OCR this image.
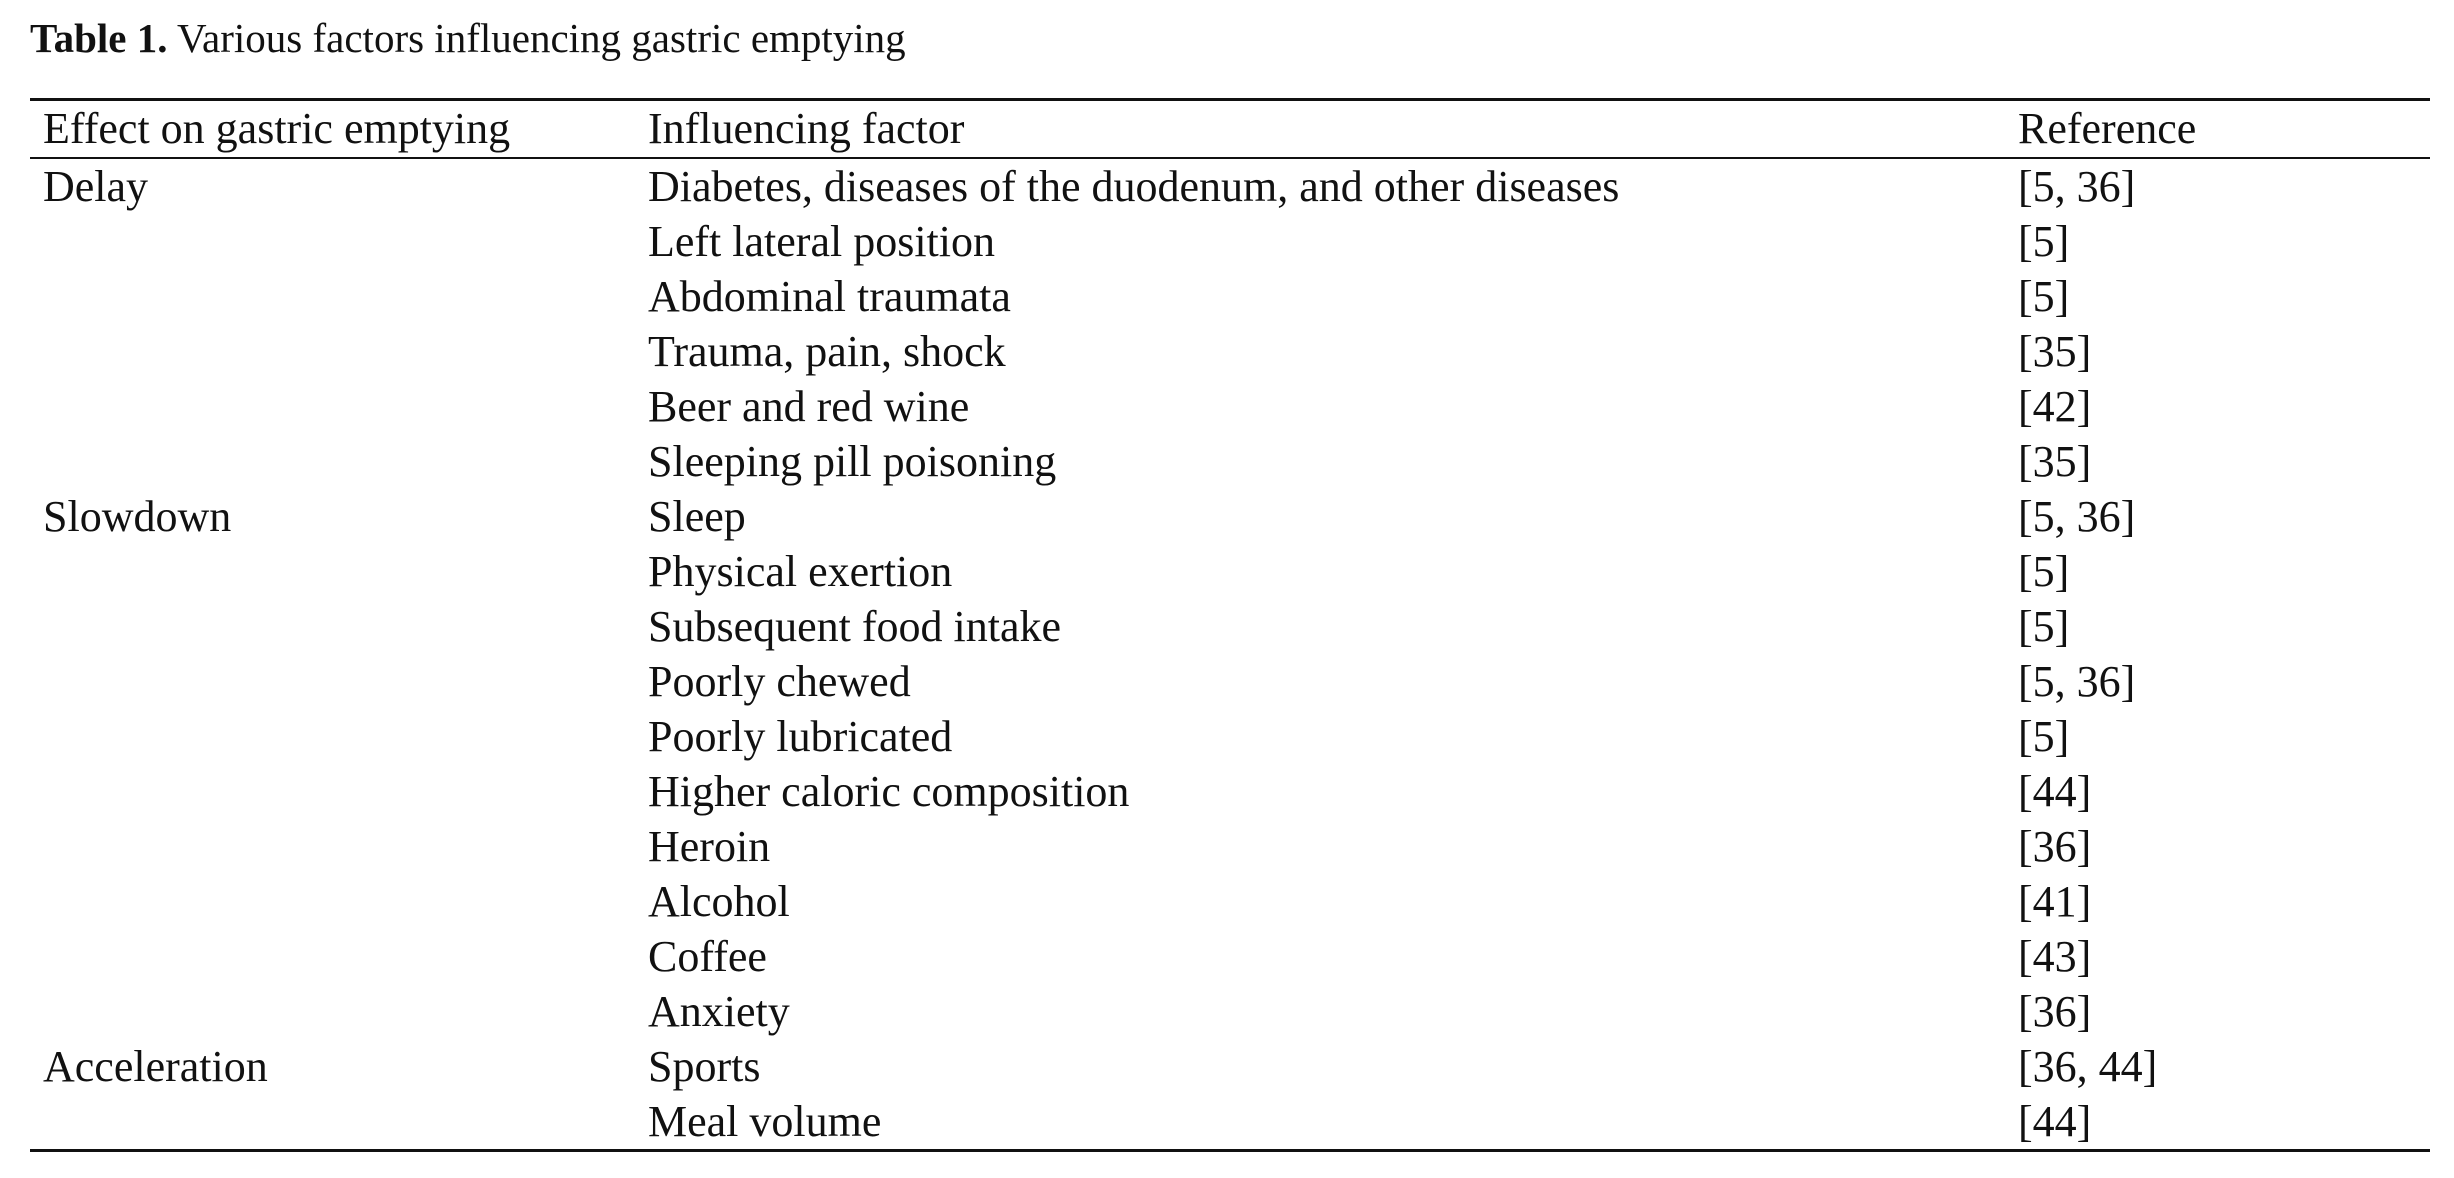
Table 1. Various factors influencing gastric emptying
Effect on gastric emptying	Influencing factor	Reference
Delay	Diabetes, diseases of the duodenum, and other diseases	[5, 36]
	Left lateral position	[5]
	Abdominal traumata	[5]
	Trauma, pain, shock	[35]
	Beer and red wine	[42]
	Sleeping pill poisoning	[35]
Slowdown	Sleep	[5, 36]
	Physical exertion	[5]
	Subsequent food intake	[5]
	Poorly chewed	[5, 36]
	Poorly lubricated	[5]
	Higher caloric composition	[44]
	Heroin	[36]
	Alcohol	[41]
	Coffee	[43]
	Anxiety	[36]
Acceleration	Sports	[36, 44]
	Meal volume	[44]
